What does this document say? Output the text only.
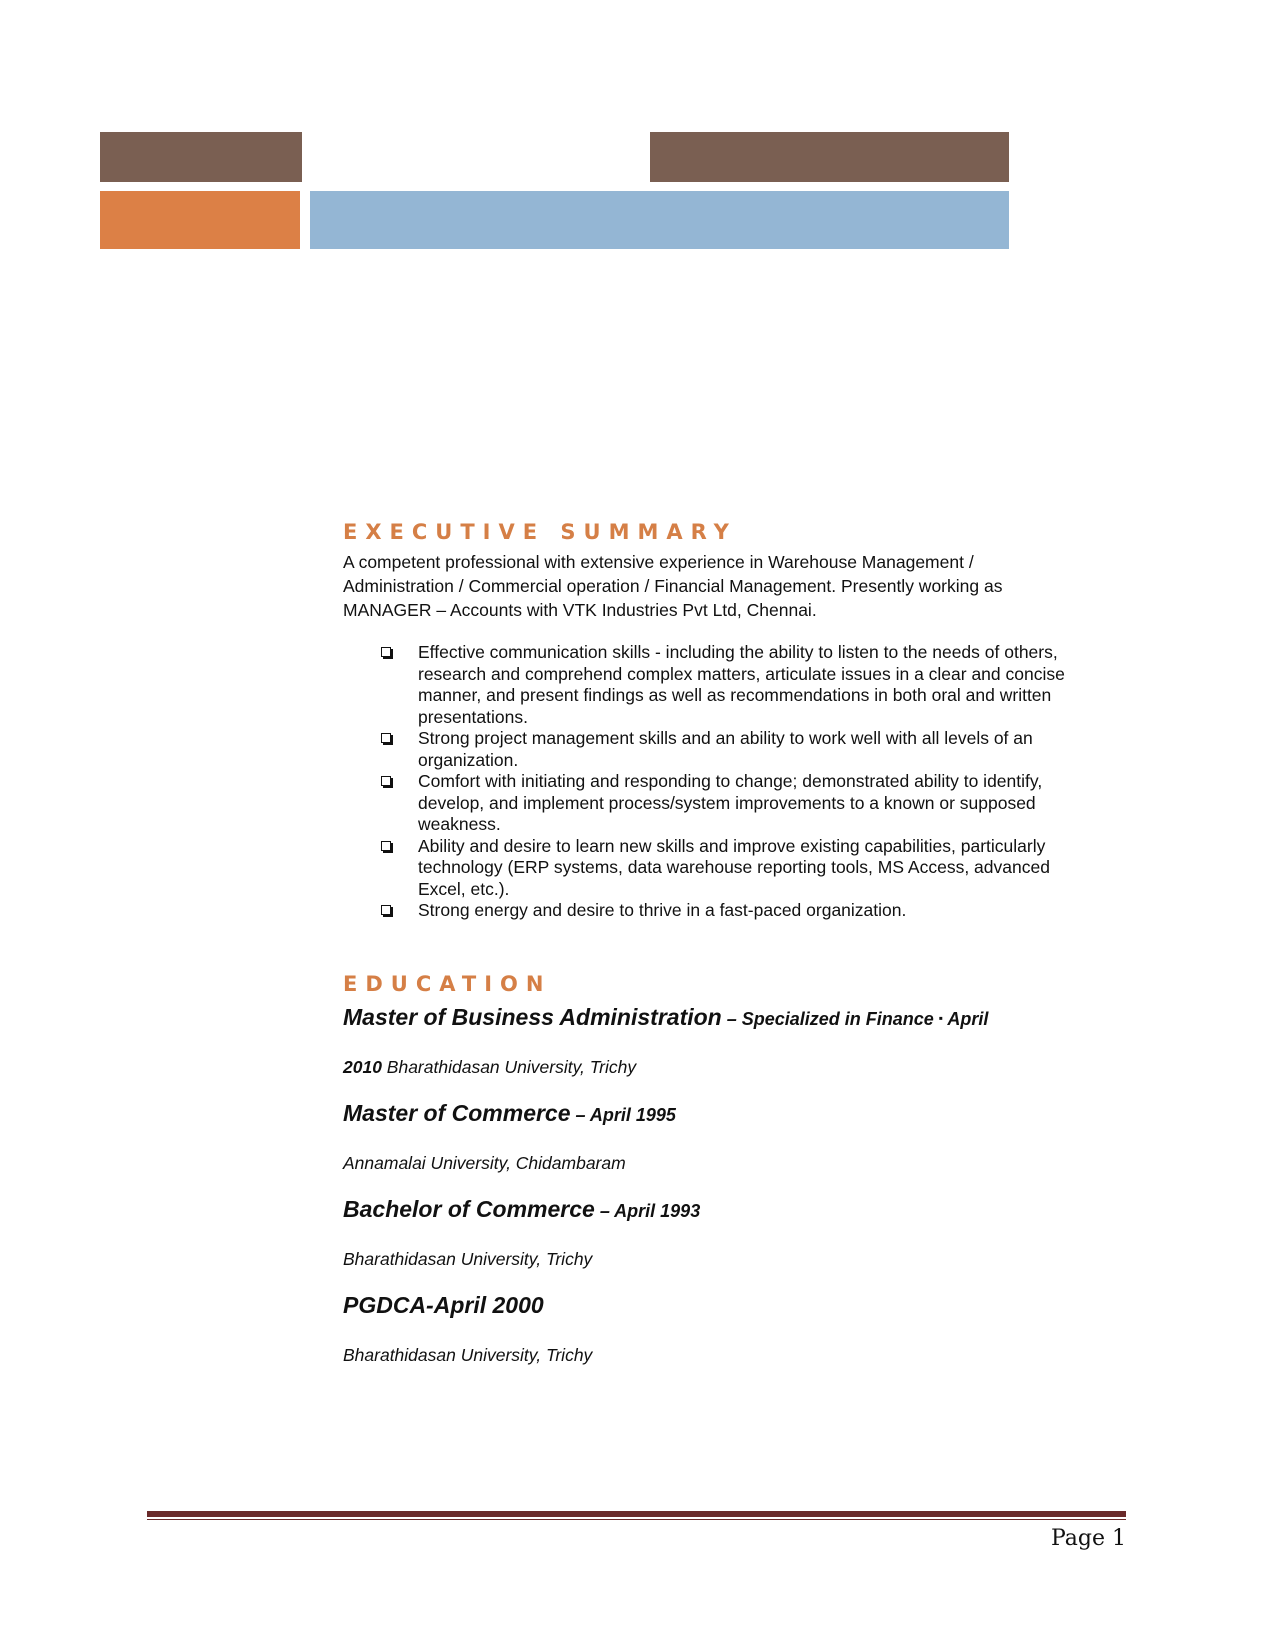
EXECUTIVE SUMMARY

A competent professional with extensive experience in Warehouse Management / Administration / Commercial operation / Financial Management. Presently working as MANAGER – Accounts with VTK Industries Pvt Ltd, Chennai.

Effective communication skills - including the ability to listen to the needs of others, research and comprehend complex matters, articulate issues in a clear and concise manner, and present findings as well as recommendations in both oral and written presentations.
Strong project management skills and an ability to work well with all levels of an organization.
Comfort with initiating and responding to change; demonstrated ability to identify, develop, and implement process/system improvements to a known or supposed weakness.
Ability and desire to learn new skills and improve existing capabilities, particularly technology (ERP systems, data warehouse reporting tools, MS Access, advanced Excel, etc.).
Strong energy and desire to thrive in a fast-paced organization.
EDUCATION

Master of Business Administration – Specialized in Finance ▪ April

2010 Bharathidasan University, Trichy

Master of Commerce – April 1995

Annamalai University, Chidambaram

Bachelor of Commerce – April 1993

Bharathidasan University, Trichy

PGDCA-April 2000

Bharathidasan University, Trichy

Page 1
